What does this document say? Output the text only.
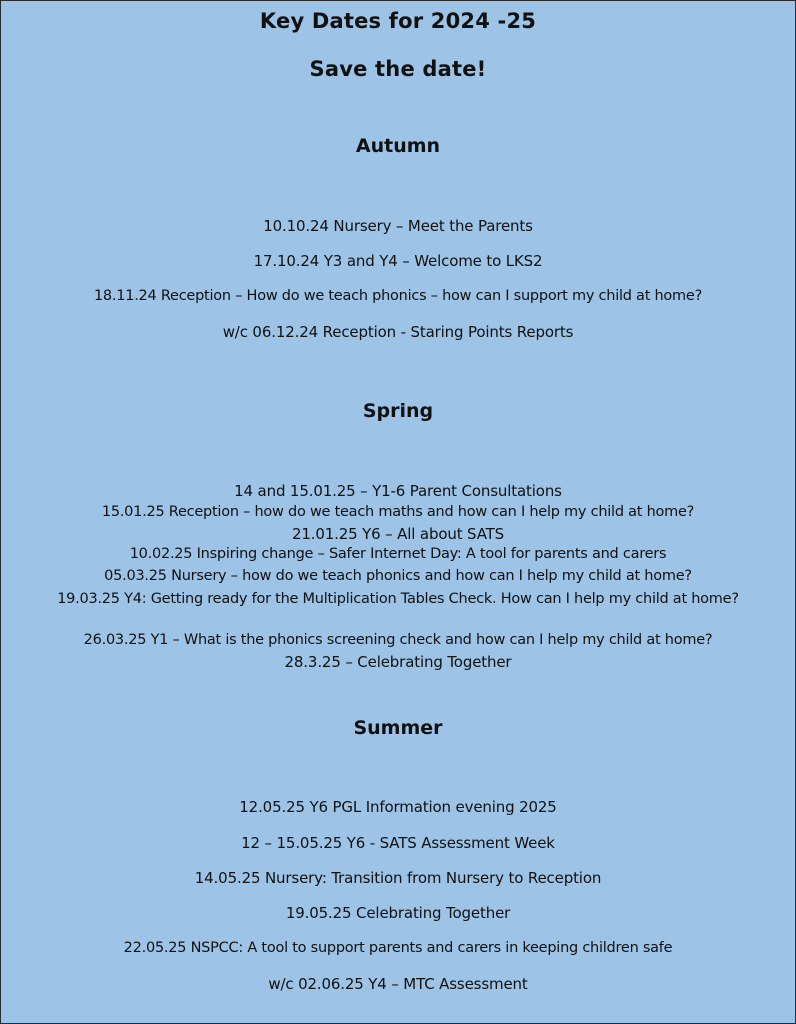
Key Dates for 2024 -25
Save the date!
Autumn
10.10.24 Nursery – Meet the Parents
17.10.24 Y3 and Y4 – Welcome to LKS2
18.11.24 Reception – How do we teach phonics – how can I support my child at home?
w/c 06.12.24 Reception - Staring Points Reports
Spring
14 and 15.01.25 – Y1-6 Parent Consultations
15.01.25 Reception – how do we teach maths and how can I help my child at home?
21.01.25 Y6 – All about SATS
10.02.25 Inspiring change – Safer Internet Day: A tool for parents and carers
05.03.25 Nursery – how do we teach phonics and how can I help my child at home?
19.03.25 Y4: Getting ready for the Multiplication Tables Check. How can I help my child at home?
26.03.25 Y1 – What is the phonics screening check and how can I help my child at home?
28.3.25 – Celebrating Together
Summer
12.05.25 Y6 PGL Information evening 2025
12 – 15.05.25 Y6 - SATS Assessment Week
14.05.25 Nursery: Transition from Nursery to Reception
19.05.25 Celebrating Together
22.05.25 NSPCC: A tool to support parents and carers in keeping children safe
w/c 02.06.25 Y4 – MTC Assessment
